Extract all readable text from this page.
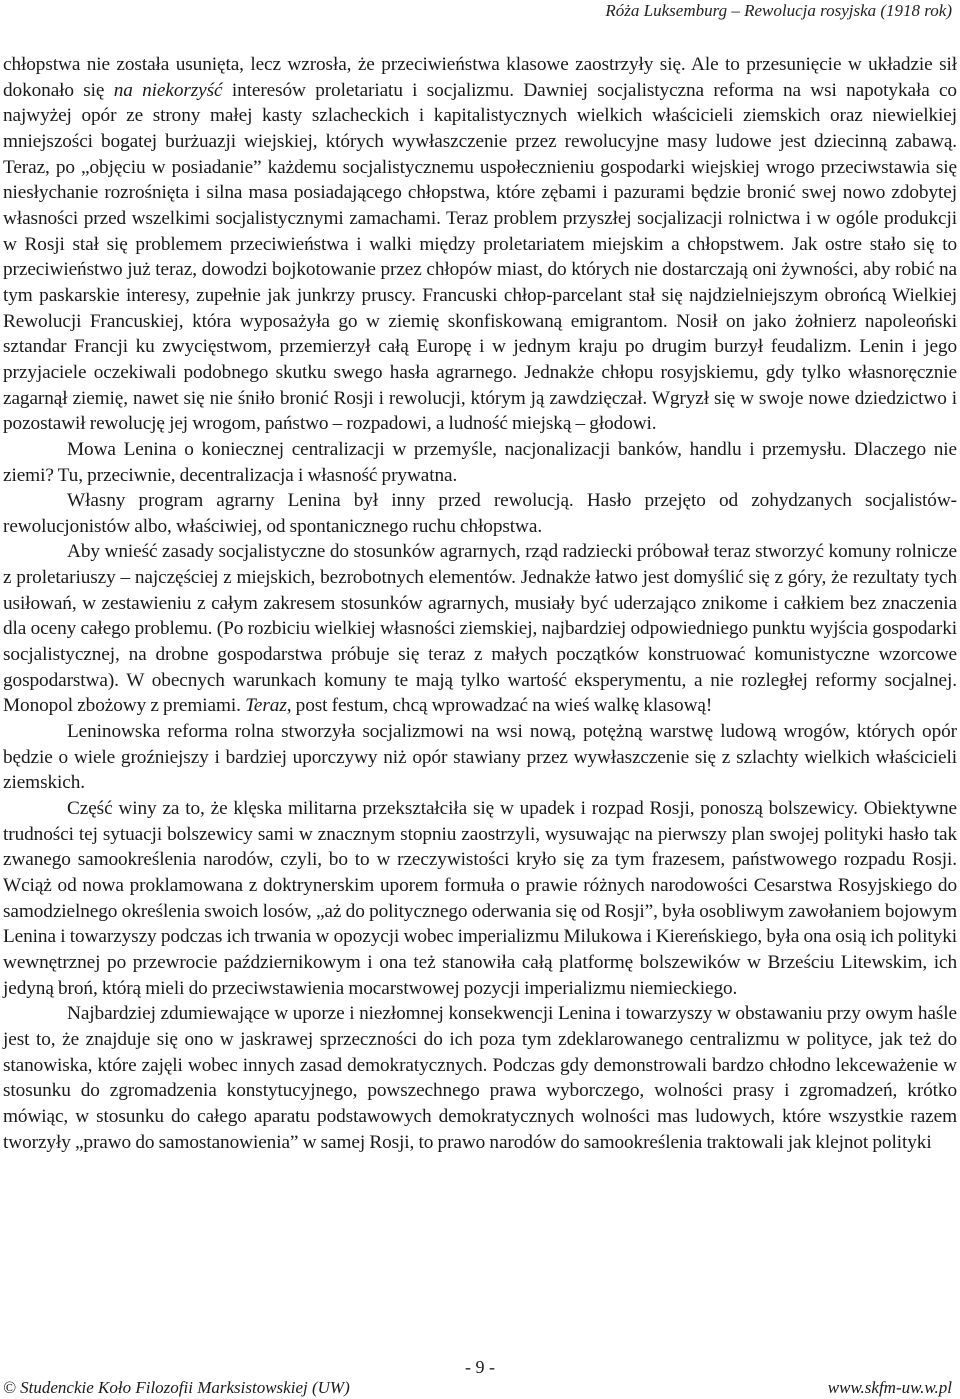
Róża Luksemburg – Rewolucja rosyjska (1918 rok)

chłopstwa nie została usunięta, lecz wzrosła, że przeciwieństwa klasowe zaostrzyły się. Ale to przesunięcie w układzie sił dokonało się na niekorzyść interesów proletariatu i socjalizmu. Dawniej socjalistyczna reforma na wsi napotykała co najwyżej opór ze strony małej kasty szlacheckich i kapitalistycznych wielkich właścicieli ziemskich oraz niewielkiej mniejszości bogatej burżuazji wiejskiej, których wywłaszczenie przez rewolucyjne masy ludowe jest dziecinną zabawą. Teraz, po „objęciu w posiadanie” każdemu socjalistycznemu uspołecznieniu gospodarki wiejskiej wrogo przeciwstawia się niesłychanie rozrośnięta i silna masa posiadającego chłopstwa, które zębami i pazurami będzie bronić swej nowo zdobytej własności przed wszelkimi socjalistycznymi zamachami. Teraz problem przyszłej socjalizacji rolnictwa i w ogóle produkcji w Rosji stał się problemem przeciwieństwa i walki między proletariatem miejskim a chłopstwem. Jak ostre stało się to przeciwieństwo już teraz, dowodzi bojkotowanie przez chłopów miast, do których nie dostarczają oni żywności, aby robić na tym paskarskie interesy, zupełnie jak junkrzy pruscy. Francuski chłop-parcelant stał się najdzielniejszym obrońcą Wielkiej Rewolucji Francuskiej, która wyposażyła go w ziemię skonfiskowaną emigrantom. Nosił on jako żołnierz napoleoński sztandar Francji ku zwycięstwom, przemierzył całą Europę i w jednym kraju po drugim burzył feudalizm. Lenin i jego przyjaciele oczekiwali podobnego skutku swego hasła agrarnego. Jednakże chłopu rosyjskiemu, gdy tylko własnoręcznie zagarnął ziemię, nawet się nie śniło bronić Rosji i rewolucji, którym ją zawdzięczał. Wgryzł się w swoje nowe dziedzictwo i pozostawił rewolucję jej wrogom, państwo – rozpadowi, a ludność miejską – głodowi.

Mowa Lenina o koniecznej centralizacji w przemyśle, nacjonalizacji banków, handlu i przemysłu. Dlaczego nie ziemi? Tu, przeciwnie, decentralizacja i własność prywatna.

Własny program agrarny Lenina był inny przed rewolucją. Hasło przejęto od zohydzanych socjalistów-rewolucjonistów albo, właściwiej, od spontanicznego ruchu chłopstwa.

Aby wnieść zasady socjalistyczne do stosunków agrarnych, rząd radziecki próbował teraz stworzyć komuny rolnicze z proletariuszy – najczęściej z miejskich, bezrobotnych elementów. Jednakże łatwo jest domyślić się z góry, że rezultaty tych usiłowań, w zestawieniu z całym zakresem stosunków agrarnych, musiały być uderzająco znikome i całkiem bez znaczenia dla oceny całego problemu. (Po rozbiciu wielkiej własności ziemskiej, najbardziej odpowiedniego punktu wyjścia gospodarki socjalistycznej, na drobne gospodarstwa próbuje się teraz z małych początków konstruować komunistyczne wzorcowe gospodarstwa). W obecnych warunkach komuny te mają tylko wartość eksperymentu, a nie rozległej reformy socjalnej. Monopol zbożowy z premiami. Teraz, post festum, chcą wprowadzać na wieś walkę klasową!

Leninowska reforma rolna stworzyła socjalizmowi na wsi nową, potężną warstwę ludową wrogów, których opór będzie o wiele groźniejszy i bardziej uporczywy niż opór stawiany przez wywłaszczenie się z szlachty wielkich właścicieli ziemskich.

Część winy za to, że klęska militarna przekształciła się w upadek i rozpad Rosji, ponoszą bolszewicy. Obiektywne trudności tej sytuacji bolszewicy sami w znacznym stopniu zaostrzyli, wysuwając na pierwszy plan swojej polityki hasło tak zwanego samookreślenia narodów, czyli, bo to w rzeczywistości kryło się za tym frazesem, państwowego rozpadu Rosji. Wciąż od nowa proklamowana z doktrynerskim uporem formuła o prawie różnych narodowości Cesarstwa Rosyjskiego do samodzielnego określenia swoich losów, „aż do politycznego oderwania się od Rosji”, była osobliwym zawołaniem bojowym Lenina i towarzyszy podczas ich trwania w opozycji wobec imperializmu Milukowa i Kiereńskiego, była ona osią ich polityki wewnętrznej po przewrocie październikowym i ona też stanowiła całą platformę bolszewików w Brześciu Litewskim, ich jedyną broń, którą mieli do przeciwstawienia mocarstwowej pozycji imperializmu niemieckiego.

Najbardziej zdumiewające w uporze i niezłomnej konsekwencji Lenina i towarzyszy w obstawaniu przy owym haśle jest to, że znajduje się ono w jaskrawej sprzeczności do ich poza tym zdeklarowanego centralizmu w polityce, jak też do stanowiska, które zajęli wobec innych zasad demokratycznych. Podczas gdy demonstrowali bardzo chłodno lekceważenie w stosunku do zgromadzenia konstytucyjnego, powszechnego prawa wyborczego, wolności prasy i zgromadzeń, krótko mówiąc, w stosunku do całego aparatu podstawowych demokratycznych wolności mas ludowych, które wszystkie razem tworzyły „prawo do samostanowienia” w samej Rosji, to prawo narodów do samookreślenia traktowali jak klejnot polityki

- 9 -
© Studenckie Koło Filozofii Marksistowskiej (UW)	www.skfm-uw.w.pl
